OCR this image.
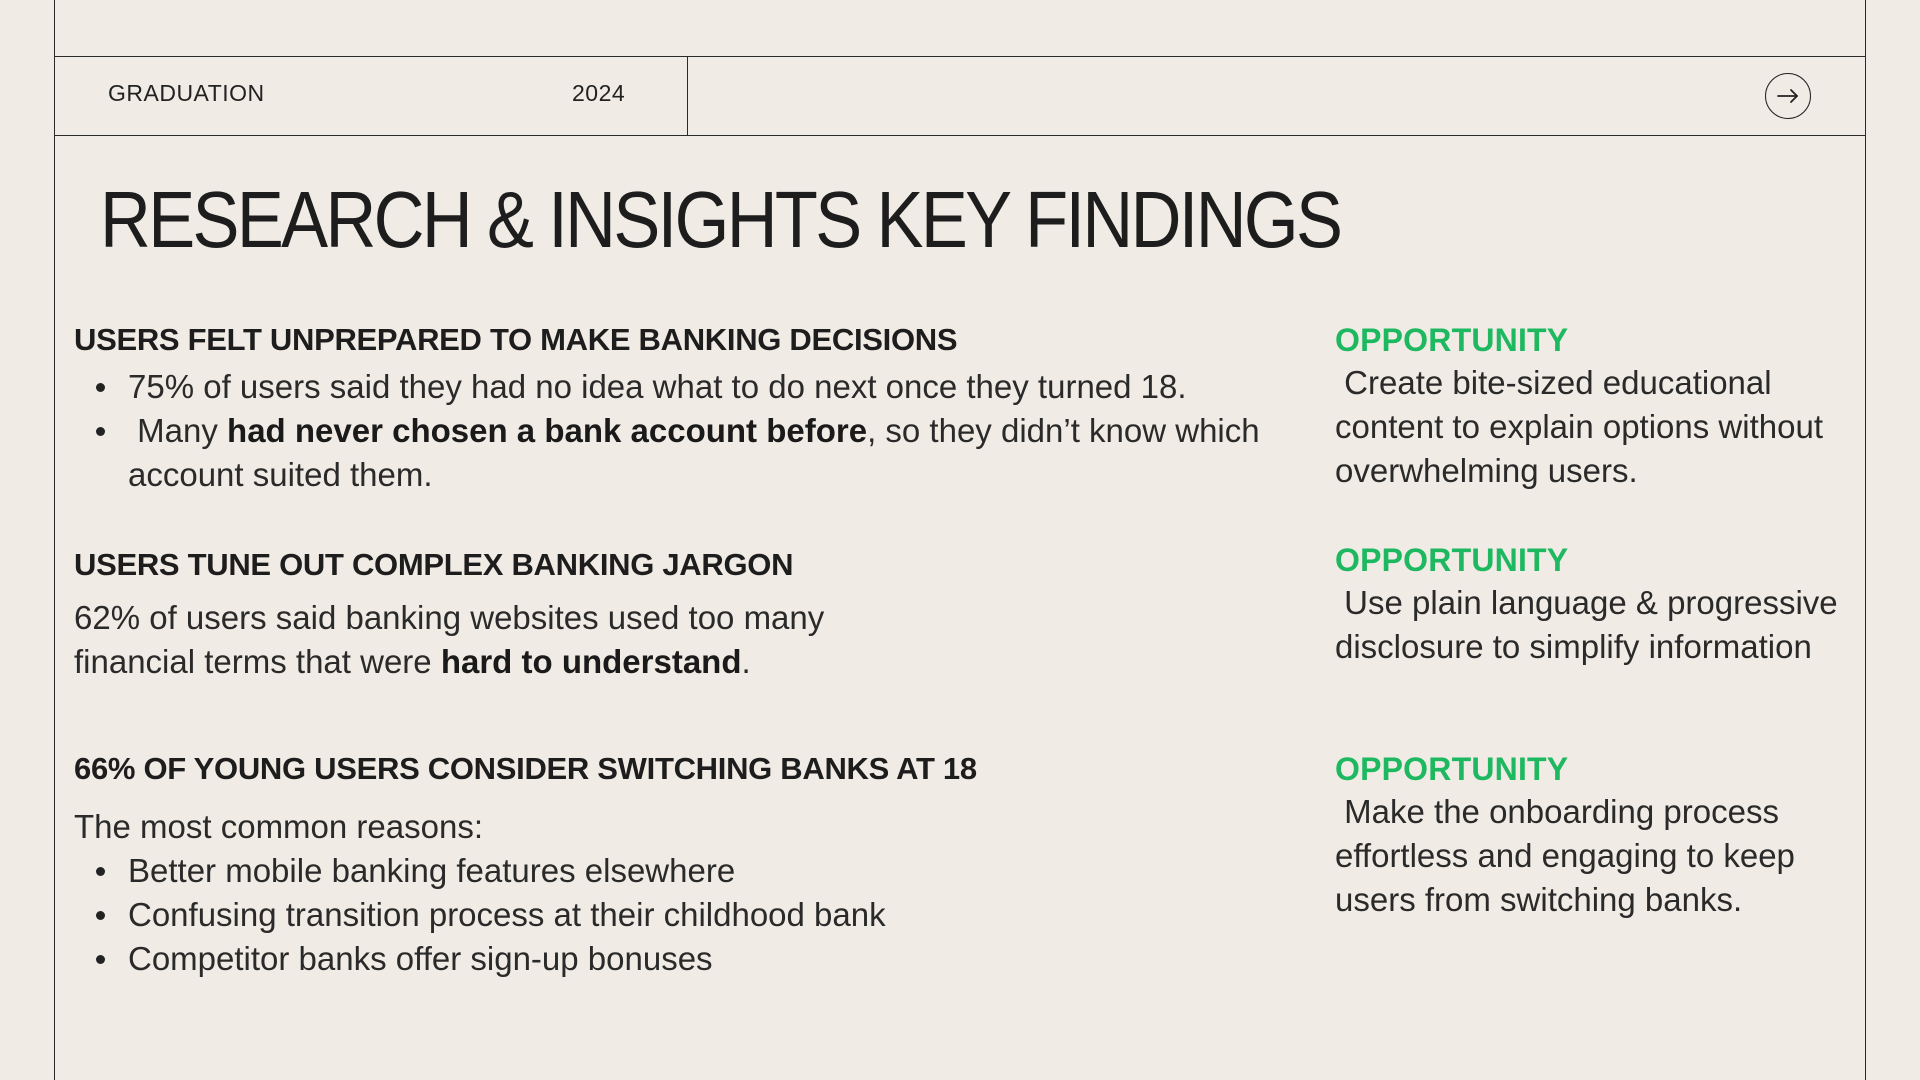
GRADUATION	2024
RESEARCH & INSIGHTS KEY FINDINGS
USERS FELT UNPREPARED TO MAKE BANKING DECISIONS
75% of users said they had no idea what to do next once they turned 18.
Many had never chosen a bank account before, so they didn’t know which account suited them.
USERS TUNE OUT COMPLEX BANKING JARGON

62% of users said banking websites used too many financial terms that were hard to understand.

66% OF YOUNG USERS CONSIDER SWITCHING BANKS AT 18

The most common reasons:

Better mobile banking features elsewhere
Confusing transition process at their childhood bank
Competitor banks offer sign-up bonuses
OPPORTUNITY

Create bite-sized educational content to explain options without overwhelming users.

OPPORTUNITY

Use plain language & progressive disclosure to simplify information

OPPORTUNITY

Make the onboarding process effortless and engaging to keep users from switching banks.
